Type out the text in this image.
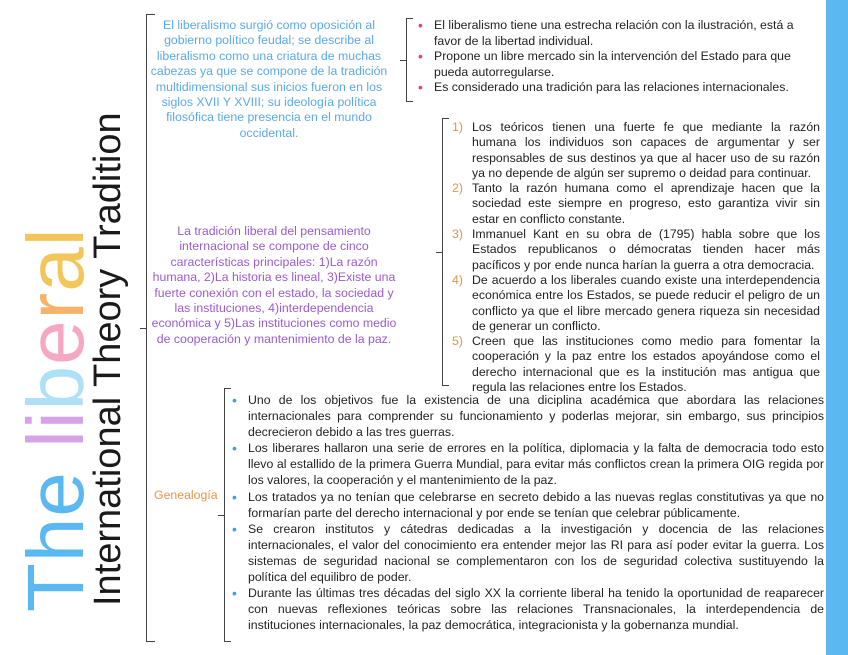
The liberal
International Theory Tradition
El liberalismo surgió como oposición al gobierno político feudal; se describe al liberalismo como una criatura de muchas cabezas ya que se compone de la tradición multidimensional sus inicios fueron en los siglos XVII Y XVIII; su ideología política filosófica tiene presencia en el mundo occidental.
• El liberalismo tiene una estrecha relación con la ilustración, está a favor de la libertad individual.
• Propone un libre mercado sin la intervención del Estado para que pueda autorregularse.
• Es considerado una tradición para las relaciones internacionales.
La tradición liberal del pensamiento internacional se compone de cinco características principales: 1)La razón humana, 2)La historia es lineal, 3)Existe una fuerte conexión con el estado, la sociedad y las instituciones, 4)interdependencia económica y 5)Las instituciones como medio de cooperación y mantenimiento de la paz.
1) Los teóricos tienen una fuerte fe que mediante la razón humana los individuos son capaces de argumentar y ser responsables de sus destinos ya que al hacer uso de su razón ya no depende de algún ser supremo o deidad para continuar.
2) Tanto la razón humana como el aprendizaje hacen que la sociedad este siempre en progreso, esto garantiza vivir sin estar en conflicto constante.
3) Immanuel Kant en su obra de (1795) habla sobre que los Estados republicanos o démocratas tienden hacer más pacíficos y por ende nunca harían la guerra a otra democracia.
4) De acuerdo a los liberales cuando existe una interdependencia económica entre los Estados, se puede reducir el peligro de un conflicto ya que el libre mercado genera riqueza sin necesidad de generar un conflicto.
5) Creen que las instituciones como medio para fomentar la cooperación y la paz entre los estados apoyándose como el derecho internacional que es la institución mas antigua que regula las relaciones entre los Estados.
Genealogía
• Uno de los objetivos fue la existencia de una diciplina académica que abordara las relaciones internacionales para comprender su funcionamiento y poderlas mejorar, sin embargo, sus principios decrecieron debido a las tres guerras.
• Los liberares hallaron una serie de errores en la política, diplomacia y la falta de democracia todo esto llevo al estallido de la primera Guerra Mundial, para evitar más conflictos crean la primera OIG regida por los valores, la cooperación y el mantenimiento de la paz.
• Los tratados ya no tenían que celebrarse en secreto debido a las nuevas reglas constitutivas ya que no formarían parte del derecho internacional y por ende se tenían que celebrar públicamente.
• Se crearon institutos y cátedras dedicadas a la investigación y docencia de las relaciones internacionales, el valor del conocimiento era entender mejor las RI para así poder evitar la guerra. Los sistemas de seguridad nacional se complementaron con los de seguridad colectiva sustituyendo la política del equilibro de poder.
• Durante las últimas tres décadas del siglo XX la corriente liberal ha tenido la oportunidad de reaparecer con nuevas reflexiones teóricas sobre las relaciones Transnacionales, la interdependencia de instituciones internacionales, la paz democrática, integracionista y la gobernanza mundial.
